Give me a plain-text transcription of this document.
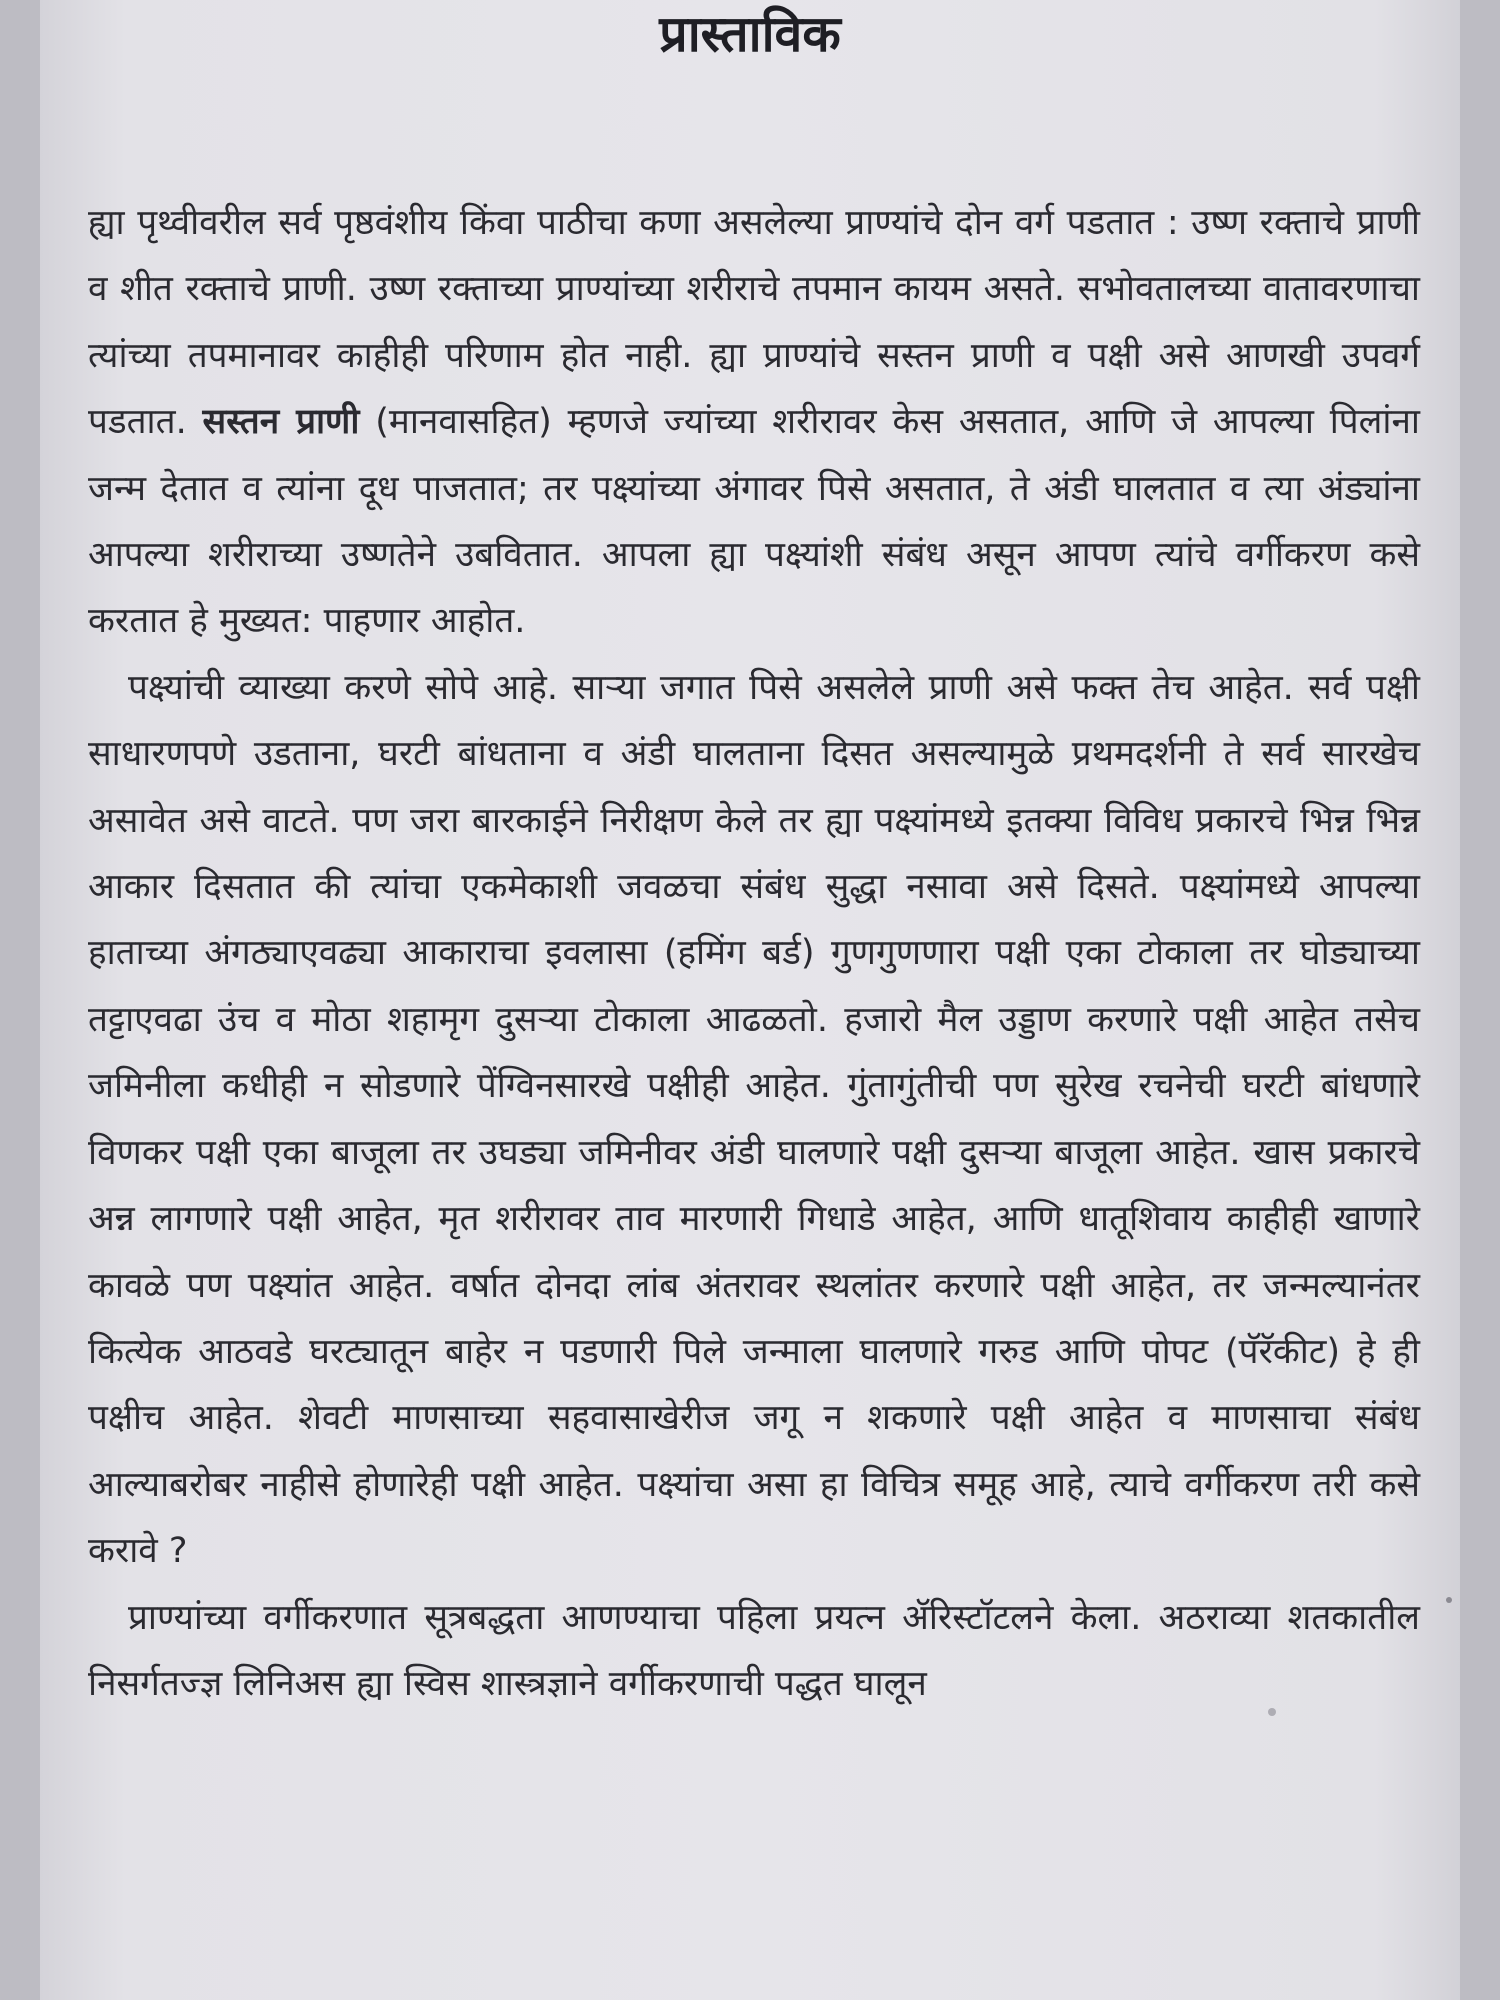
प्रास्ताविक

ह्या पृथ्वीवरील सर्व पृष्ठवंशीय किंवा पाठीचा कणा असलेल्या प्राण्यांचे दोन वर्ग पडतात : उष्ण रक्ताचे प्राणी व शीत रक्ताचे प्राणी. उष्ण रक्ताच्या प्राण्यांच्या शरीराचे तपमान कायम असते. सभोवतालच्या वातावरणाचा त्यांच्या तपमानावर काहीही परिणाम होत नाही. ह्या प्राण्यांचे सस्तन प्राणी व पक्षी असे आणखी उपवर्ग पडतात. सस्तन प्राणी (मानवासहित) म्हणजे ज्यांच्या शरीरावर केस असतात, आणि जे आपल्या पिलांना जन्म देतात व त्यांना दूध पाजतात; तर पक्ष्यांच्या अंगावर पिसे असतात, ते अंडी घालतात व त्या अंड्यांना आपल्या शरीराच्या उष्णतेने उबवितात. आपला ह्या पक्ष्यांशी संबंध असून आपण त्यांचे वर्गीकरण कसे करतात हे मुख्यत: पाहणार आहोत.

पक्ष्यांची व्याख्या करणे सोपे आहे. साऱ्या जगात पिसे असलेले प्राणी असे फक्त तेच आहेत. सर्व पक्षी साधारणपणे उडताना, घरटी बांधताना व अंडी घालताना दिसत असल्यामुळे प्रथमदर्शनी ते सर्व सारखेच असावेत असे वाटते. पण जरा बारकाईने निरीक्षण केले तर ह्या पक्ष्यांमध्ये इतक्या विविध प्रकारचे भिन्न भिन्न आकार दिसतात की त्यांचा एकमेकाशी जवळचा संबंध सुद्धा नसावा असे दिसते. पक्ष्यांमध्ये आपल्या हाताच्या अंगठ्याएवढ्या आकाराचा इवलासा (हमिंग बर्ड) गुणगुणणारा पक्षी एका टोकाला तर घोड्याच्या तट्टाएवढा उंच व मोठा शहामृग दुसऱ्या टोकाला आढळतो. हजारो मैल उड्डाण करणारे पक्षी आहेत तसेच जमिनीला कधीही न सोडणारे पेंग्विनसारखे पक्षीही आहेत. गुंतागुंतीची पण सुरेख रचनेची घरटी बांधणारे विणकर पक्षी एका बाजूला तर उघड्या जमिनीवर अंडी घालणारे पक्षी दुसऱ्या बाजूला आहेत. खास प्रकारचे अन्न लागणारे पक्षी आहेत, मृत शरीरावर ताव मारणारी गिधाडे आहेत, आणि धातूशिवाय काहीही खाणारे कावळे पण पक्ष्यांत आहेत. वर्षात दोनदा लांब अंतरावर स्थलांतर करणारे पक्षी आहेत, तर जन्मल्यानंतर कित्येक आठवडे घरट्यातून बाहेर न पडणारी पिले जन्माला घालणारे गरुड आणि पोपट (पॅरॅकीट) हे ही पक्षीच आहेत. शेवटी माणसाच्या सहवासाखेरीज जगू न शकणारे पक्षी आहेत व माणसाचा संबंध आल्याबरोबर नाहीसे होणारेही पक्षी आहेत. पक्ष्यांचा असा हा विचित्र समूह आहे, त्याचे वर्गीकरण तरी कसे करावे ?

प्राण्यांच्या वर्गीकरणात सूत्रबद्धता आणण्याचा पहिला प्रयत्न ॲरिस्टॉटलने केला. अठराव्या शतकातील निसर्गतज्ज्ञ लिनिअस ह्या स्विस शास्त्रज्ञाने वर्गीकरणाची पद्धत घालून
